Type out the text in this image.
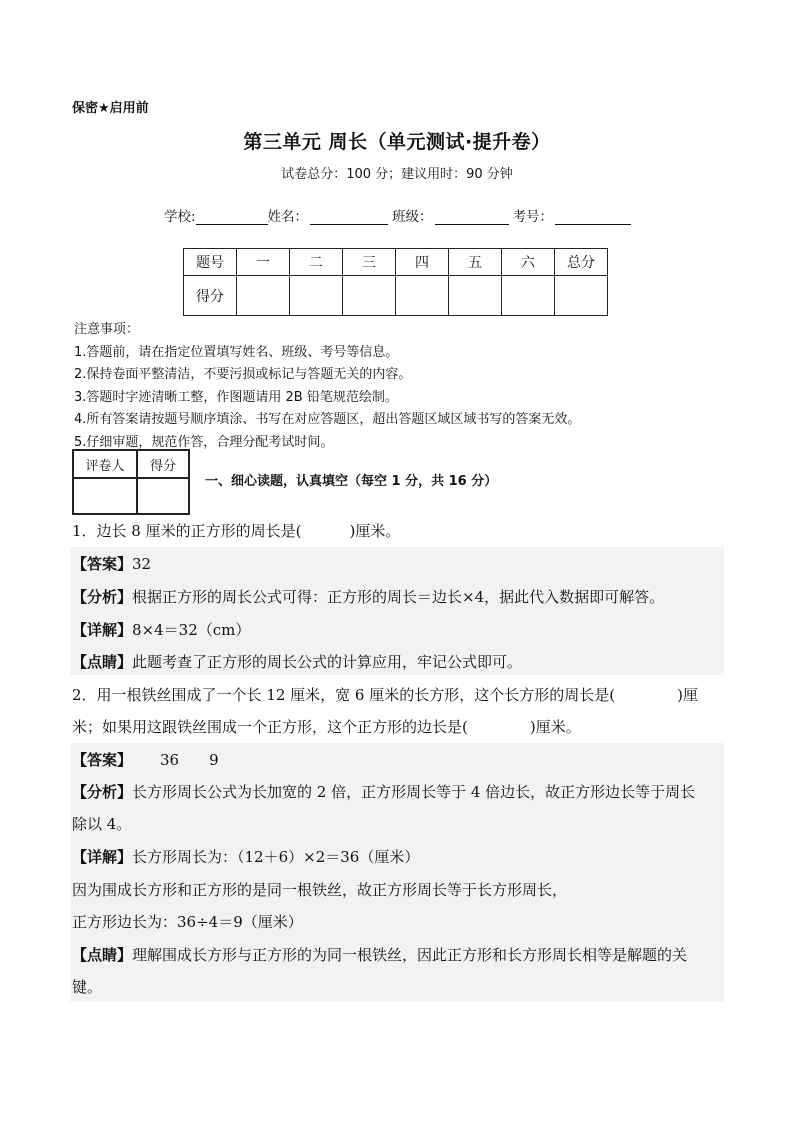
保密★启用前
第三单元 周长（单元测试·提升卷）
试卷总分：100 分；建议用时：90 分钟
学校:	姓名：	班级：	考号：
题号	一	二	三	四	五	六	总分
得分							
注意事项：
1.答题前，请在指定位置填写姓名、班级、考号等信息。
2.保持卷面平整清洁，不要污损或标记与答题无关的内容。
3.答题时字迹清晰工整，作图题请用 2B 铅笔规范绘制。
4.所有答案请按题号顺序填涂、书写在对应答题区，超出答题区域区域书写的答案无效。
5.仔细审题，规范作答，合理分配考试时间。
评卷人	得分

一、细心读题，认真填空（每空 1 分，共 16 分）
1．边长 8 厘米的正方形的周长是(	)厘米。
【答案】32
【分析】根据正方形的周长公式可得：正方形的周长＝边长×4，据此代入数据即可解答。
【详解】8×4＝32（cm）
【点睛】此题考查了正方形的周长公式的计算应用，牢记公式即可。
2．用一根铁丝围成了一个长 12 厘米，宽 6 厘米的长方形，这个长方形的周长是(	)厘
米；如果用这跟铁丝围成一个正方形，这个正方形的边长是(	)厘米。
【答案】 36 9
【分析】长方形周长公式为长加宽的 2 倍，正方形周长等于 4 倍边长，故正方形边长等于周长
除以 4。
【详解】长方形周长为：（12＋6）×2＝36（厘米）
因为围成长方形和正方形的是同一根铁丝，故正方形周长等于长方形周长，
正方形边长为：36÷4＝9（厘米）
【点睛】理解围成长方形与正方形的为同一根铁丝，因此正方形和长方形周长相等是解题的关
键。
